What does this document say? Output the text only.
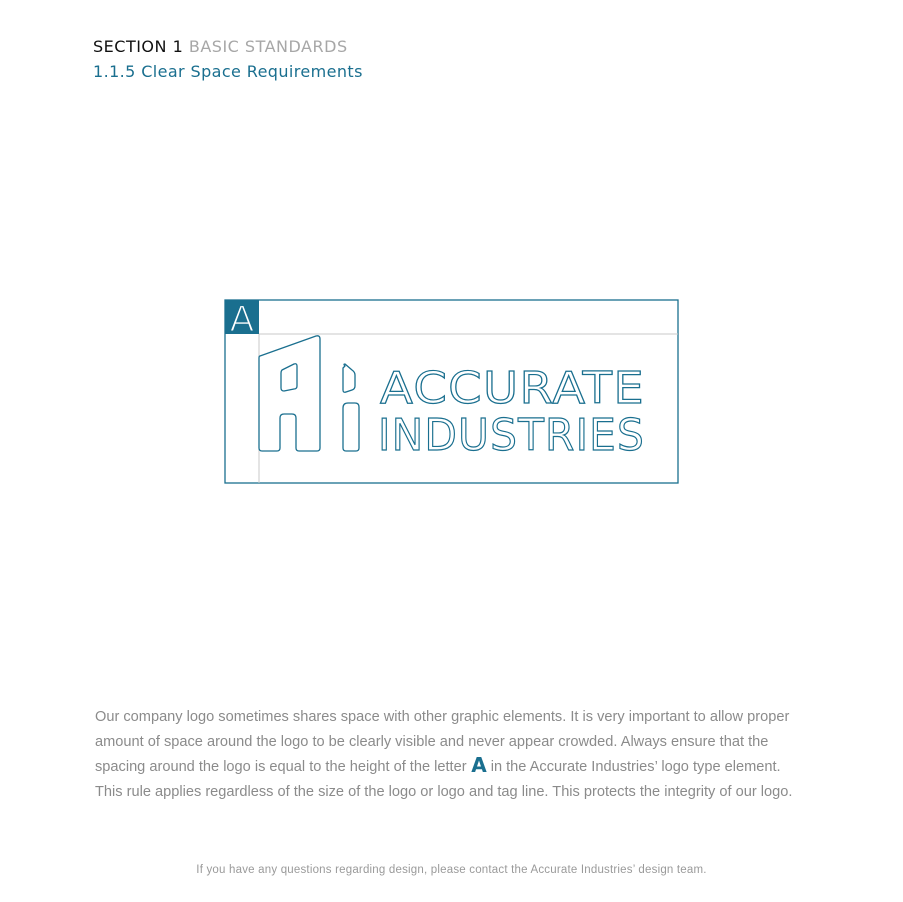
SECTION 1 BASIC STANDARDS
1.1.5 Clear Space Requirements
A
ACCURATE
INDUSTRIES
Our company logo sometimes shares space with other graphic elements. It is very important to allow proper amount of space around the logo to be clearly visible and never appear crowded. Always ensure that the spacing around the logo is equal to the height of the letter A in the Accurate Industries’ logo type element. This rule applies regardless of the size of the logo or logo and tag line. This protects the integrity of our logo.
If you have any questions regarding design, please contact the Accurate Industries’ design team.
